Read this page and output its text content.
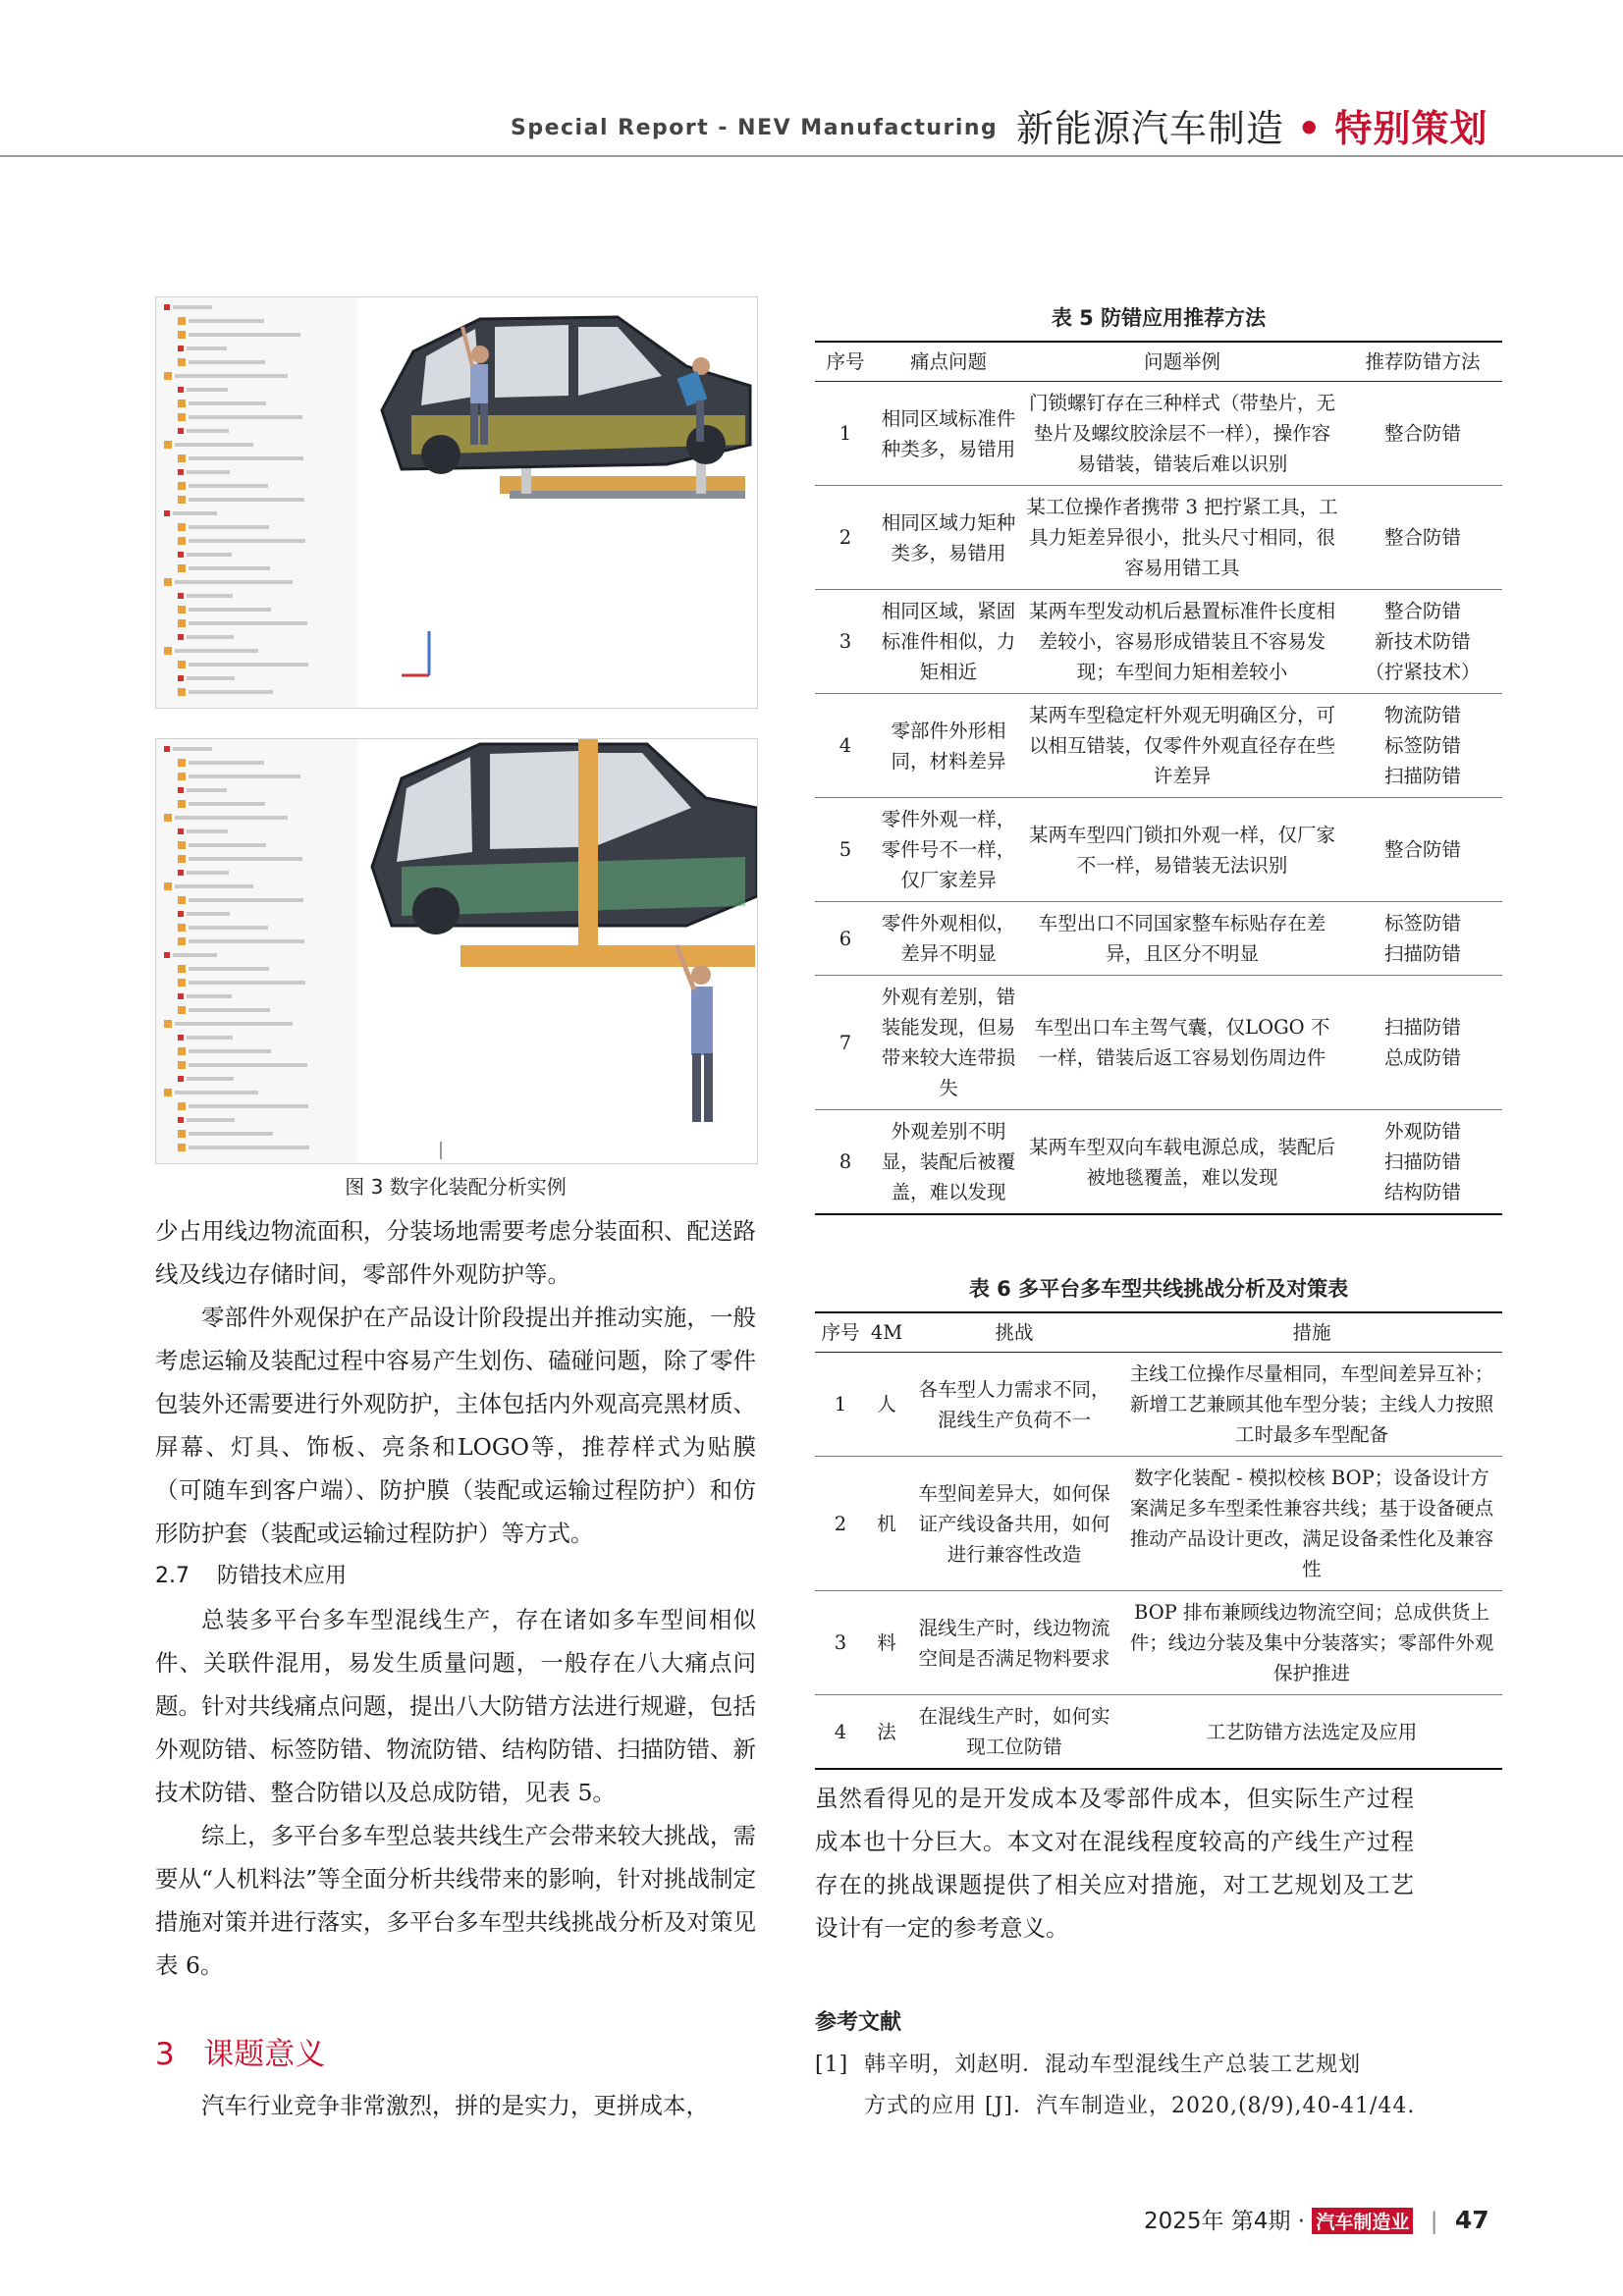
Special Report - NEV Manufacturing 新能源汽车制造 • 特别策划
图 3 数字化装配分析实例

少占用线边物流面积，分装场地需要考虑分装面积、配送路线及线边存储时间，零部件外观防护等。

零部件外观保护在产品设计阶段提出并推动实施，一般考虑运输及装配过程中容易产生划伤、磕碰问题，除了零件包装外还需要进行外观防护，主体包括内外观高亮黑材质、屏幕、灯具、饰板、亮条和LOGO等，推荐样式为贴膜（可随车到客户端）、防护膜（装配或运输过程防护）和仿形防护套（装配或运输过程防护）等方式。

2.7 防错技术应用

总装多平台多车型混线生产，存在诸如多车型间相似件、关联件混用，易发生质量问题，一般存在八大痛点问题。针对共线痛点问题，提出八大防错方法进行规避，包括外观防错、标签防错、物流防错、结构防错、扫描防错、新技术防错、整合防错以及总成防错，见表 5。

综上，多平台多车型总装共线生产会带来较大挑战，需要从“人机料法”等全面分析共线带来的影响，针对挑战制定措施对策并进行落实，多平台多车型共线挑战分析及对策见表 6。

3 课题意义
汽车行业竞争非常激烈，拼的是实力，更拼成本，
表 5 防错应用推荐方法
序号	痛点问题	问题举例	推荐防错方法
1	相同区域标准件种类多，易错用	门锁螺钉存在三种样式（带垫片，无垫片及螺纹胶涂层不一样），操作容易错装，错装后难以识别	整合防错
2	相同区域力矩种类多，易错用	某工位操作者携带 3 把拧紧工具，工具力矩差异很小，批头尺寸相同，很容易用错工具	整合防错
3	相同区域，紧固标准件相似，力矩相近	某两车型发动机后悬置标准件长度相差较小，容易形成错装且不容易发现；车型间力矩相差较小	整合防错
新技术防错
（拧紧技术）
4	零部件外形相同，材料差异	某两车型稳定杆外观无明确区分，可以相互错装，仅零件外观直径存在些许差异	物流防错
标签防错
扫描防错
5	零件外观一样，零件号不一样，仅厂家差异	某两车型四门锁扣外观一样，仅厂家不一样，易错装无法识别	整合防错
6	零件外观相似，差异不明显	车型出口不同国家整车标贴存在差异，且区分不明显	标签防错
扫描防错
7	外观有差别，错装能发现，但易带来较大连带损失	车型出口车主驾气囊，仅LOGO 不一样，错装后返工容易划伤周边件	扫描防错
总成防错
8	外观差别不明显，装配后被覆盖，难以发现	某两车型双向车载电源总成，装配后被地毯覆盖，难以发现	外观防错
扫描防错
结构防错
表 6 多平台多车型共线挑战分析及对策表
序号	4M	挑战	措施
1	人	各车型人力需求不同，混线生产负荷不一	主线工位操作尽量相同，车型间差异互补；新增工艺兼顾其他车型分装；主线人力按照工时最多车型配备
2	机	车型间差异大，如何保证产线设备共用，如何进行兼容性改造	数字化装配 - 模拟校核 BOP；设备设计方案满足多车型柔性兼容共线；基于设备硬点推动产品设计更改，满足设备柔性化及兼容性
3	料	混线生产时，线边物流空间是否满足物料要求	BOP 排布兼顾线边物流空间；总成供货上件；线边分装及集中分装落实；零部件外观保护推进
4	法	在混线生产时，如何实现工位防错	工艺防错方法选定及应用
虽然看得见的是开发成本及零部件成本，但实际生产过程成本也十分巨大。本文对在混线程度较高的产线生产过程存在的挑战课题提供了相关应对措施，对工艺规划及工艺设计有一定的参考意义。
参考文献
[1] 韩辛明，刘赵明．混动车型混线生产总装工艺规划
方式的应用 [J]．汽车制造业，2020,(8/9),40-41/44.
2025年 第4期 · 汽车制造业 | 47
